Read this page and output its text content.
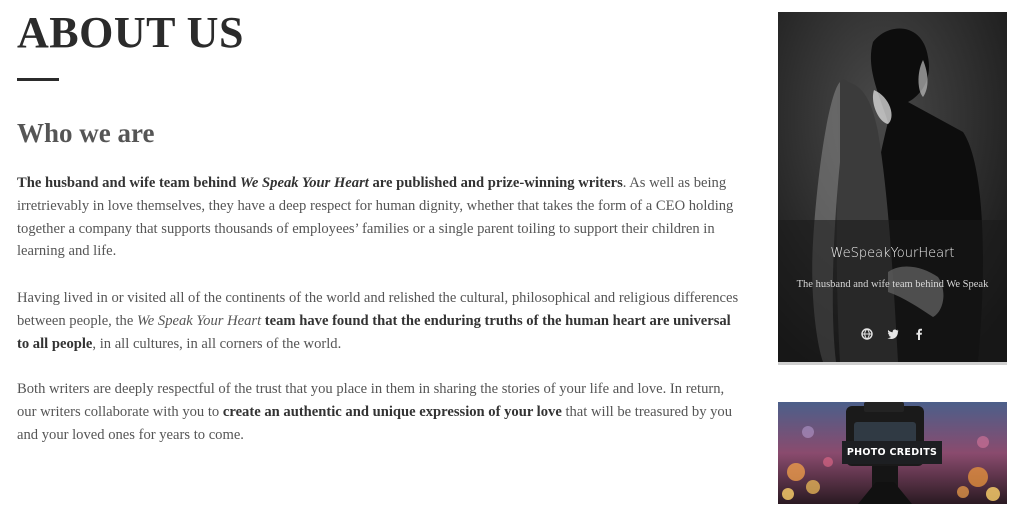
ABOUT US
Who we are

The husband and wife team behind We Speak Your Heart are published and prize-winning writers. As well as being irretrievably in love themselves, they have a deep respect for human dignity, whether that takes the form of a CEO holding together a company that supports thousands of employees’ families or a single parent toiling to support their children in learning and life.

Having lived in or visited all of the continents of the world and relished the cultural, philosophical and religious differences between people, the We Speak Your Heart team have found that the enduring truths of the human heart are universal to all people, in all cultures, in all corners of the world.

Both writers are deeply respectful of the trust that you place in them in sharing the stories of your life and love. In return, our writers collaborate with you to create an authentic and unique expression of your love that will be treasured by you and your loved ones for years to come.

WeSpeakYourHeart
The husband and wife team behind We Speak

PHOTO CREDITS
